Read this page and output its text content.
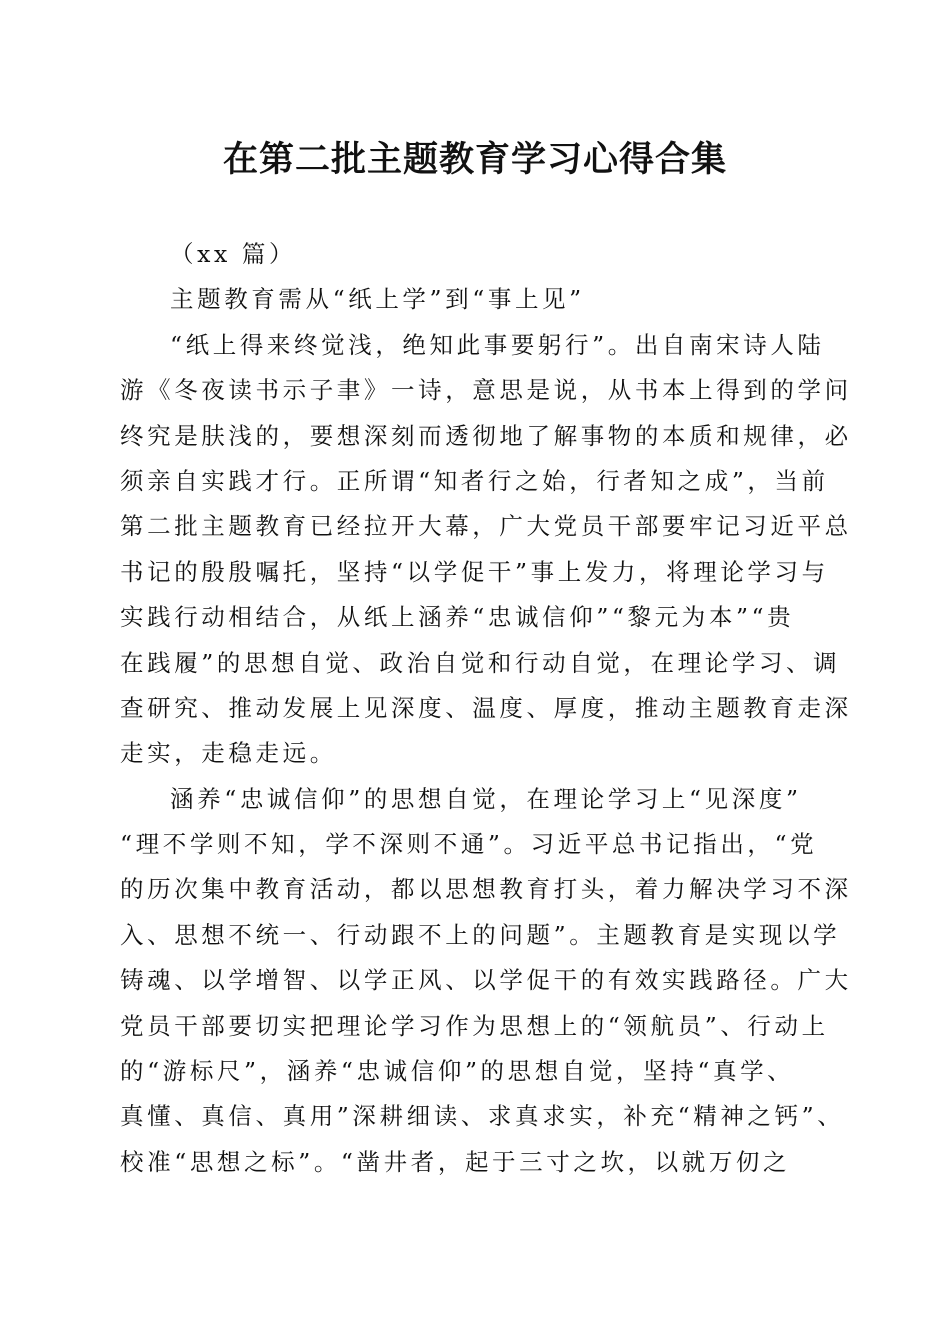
在第二批主题教育学习心得合集
（xx 篇）
主题教育需从“纸上学”到“事上见”
“纸上得来终觉浅，绝知此事要躬行”。出自南宋诗人陆
游《冬夜读书示子聿》一诗，意思是说，从书本上得到的学问
终究是肤浅的，要想深刻而透彻地了解事物的本质和规律，必
须亲自实践才行。正所谓“知者行之始，行者知之成”，当前
第二批主题教育已经拉开大幕，广大党员干部要牢记习近平总
书记的殷殷嘱托，坚持“以学促干”事上发力，将理论学习与
实践行动相结合，从纸上涵养“忠诚信仰”“黎元为本”“贵
在践履”的思想自觉、政治自觉和行动自觉，在理论学习、调
查研究、推动发展上见深度、温度、厚度，推动主题教育走深
走实，走稳走远。
涵养“忠诚信仰”的思想自觉，在理论学习上“见深度”
“理不学则不知，学不深则不通”。习近平总书记指出，“党
的历次集中教育活动，都以思想教育打头，着力解决学习不深
入、思想不统一、行动跟不上的问题”。主题教育是实现以学
铸魂、以学增智、以学正风、以学促干的有效实践路径。广大
党员干部要切实把理论学习作为思想上的“领航员”、行动上
的“游标尺”，涵养“忠诚信仰”的思想自觉，坚持“真学、
真懂、真信、真用”深耕细读、求真求实，补充“精神之钙”、
校准“思想之标”。“凿井者，起于三寸之坎，以就万仞之
